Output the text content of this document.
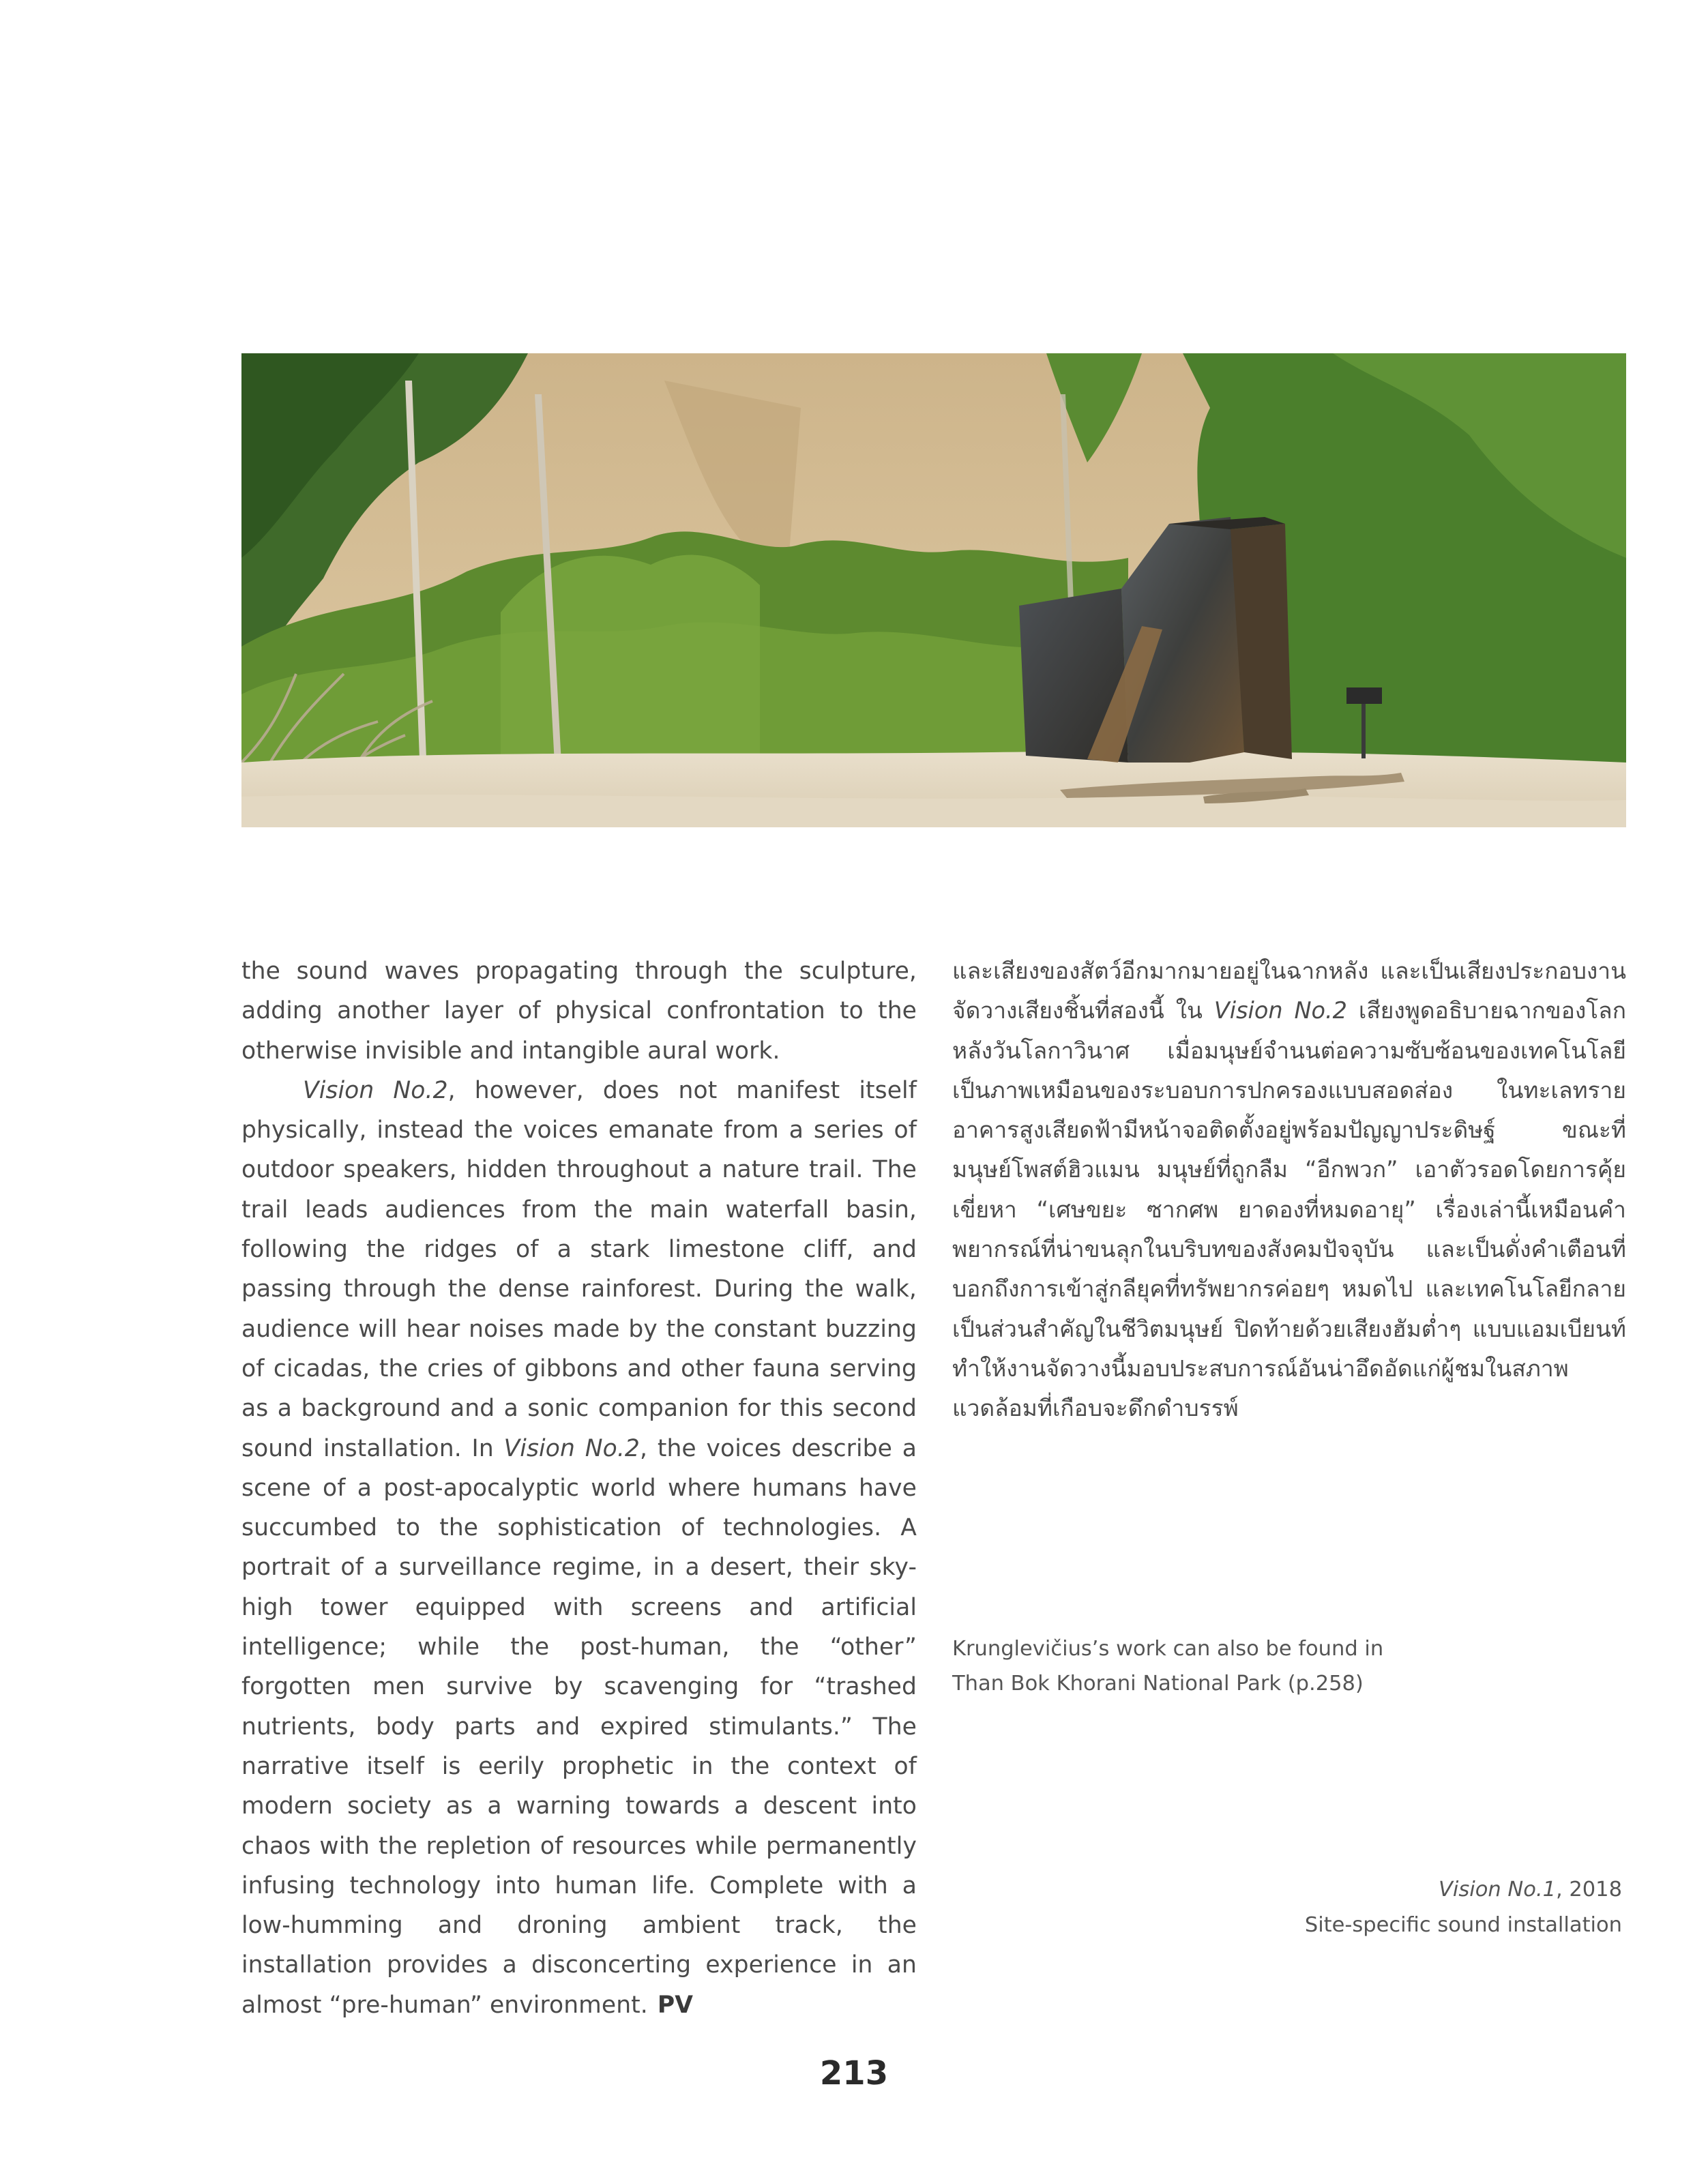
the sound waves propagating through the sculpture, adding another layer of physical confrontation to the otherwise invisible and intangible aural work.

Vision No.2, however, does not manifest itself physically, instead the voices emanate from a series of outdoor speakers, hidden throughout a nature trail. The trail leads audiences from the main waterfall basin, following the ridges of a stark limestone cliff, and passing through the dense rainforest. During the walk, audience will hear noises made by the constant buzzing of cicadas, the cries of gibbons and other fauna serving as a background and a sonic companion for this second sound installation. In Vision No.2, the voices describe a scene of a post-apocalyptic world where humans have succumbed to the sophistication of technologies. A portrait of a surveillance regime, in a desert, their sky-high tower equipped with screens and artificial intelligence; while the post-human, the “other” forgotten men survive by scavenging for “trashed nutrients, body parts and expired stimulants.” The narrative itself is eerily prophetic in the context of modern society as a warning towards a descent into chaos with the repletion of resources while permanently infusing technology into human life. Complete with a low-humming and droning ambient track, the installation provides a disconcerting experience in an almost “pre-human” environment. PV

และเสียงของสัตว์อีกมากมายอยู่ในฉากหลัง และเป็นเสียงประกอบงานจัดวางเสียงชิ้นที่สองนี้ ใน Vision No.2 เสียงพูดอธิบายฉากของโลกหลังวันโลกาวินาศ เมื่อมนุษย์จำนนต่อความซับซ้อนของเทคโนโลยี เป็นภาพเหมือนของระบอบการปกครองแบบสอดส่อง ในทะเลทราย อาคารสูงเสียดฟ้ามีหน้าจอติดตั้งอยู่พร้อมปัญญาประดิษฐ์ ขณะที่มนุษย์โพสต์ฮิวแมน มนุษย์ที่ถูกลืม “อีกพวก” เอาตัวรอดโดยการคุ้ยเขี่ยหา “เศษขยะ ซากศพ ยาดองที่หมดอายุ” เรื่องเล่านี้เหมือนคำพยากรณ์ที่น่าขนลุกในบริบทของสังคมปัจจุบัน และเป็นดั่งคำเตือนที่บอกถึงการเข้าสู่กลียุคที่ทรัพยากรค่อยๆ หมดไป และเทคโนโลยีกลายเป็นส่วนสำคัญในชีวิตมนุษย์ ปิดท้ายด้วยเสียงฮัมต่ำๆ แบบแอมเบียนท์ ทำให้งานจัดวางนี้มอบประสบการณ์อันน่าอึดอัดแก่ผู้ชมในสภาพแวดล้อมที่เกือบจะดึกดำบรรพ์

Krunglevičius’s work can also be found in
Than Bok Khorani National Park (p.258)
Vision No.1, 2018
Site-specific sound installation
213
